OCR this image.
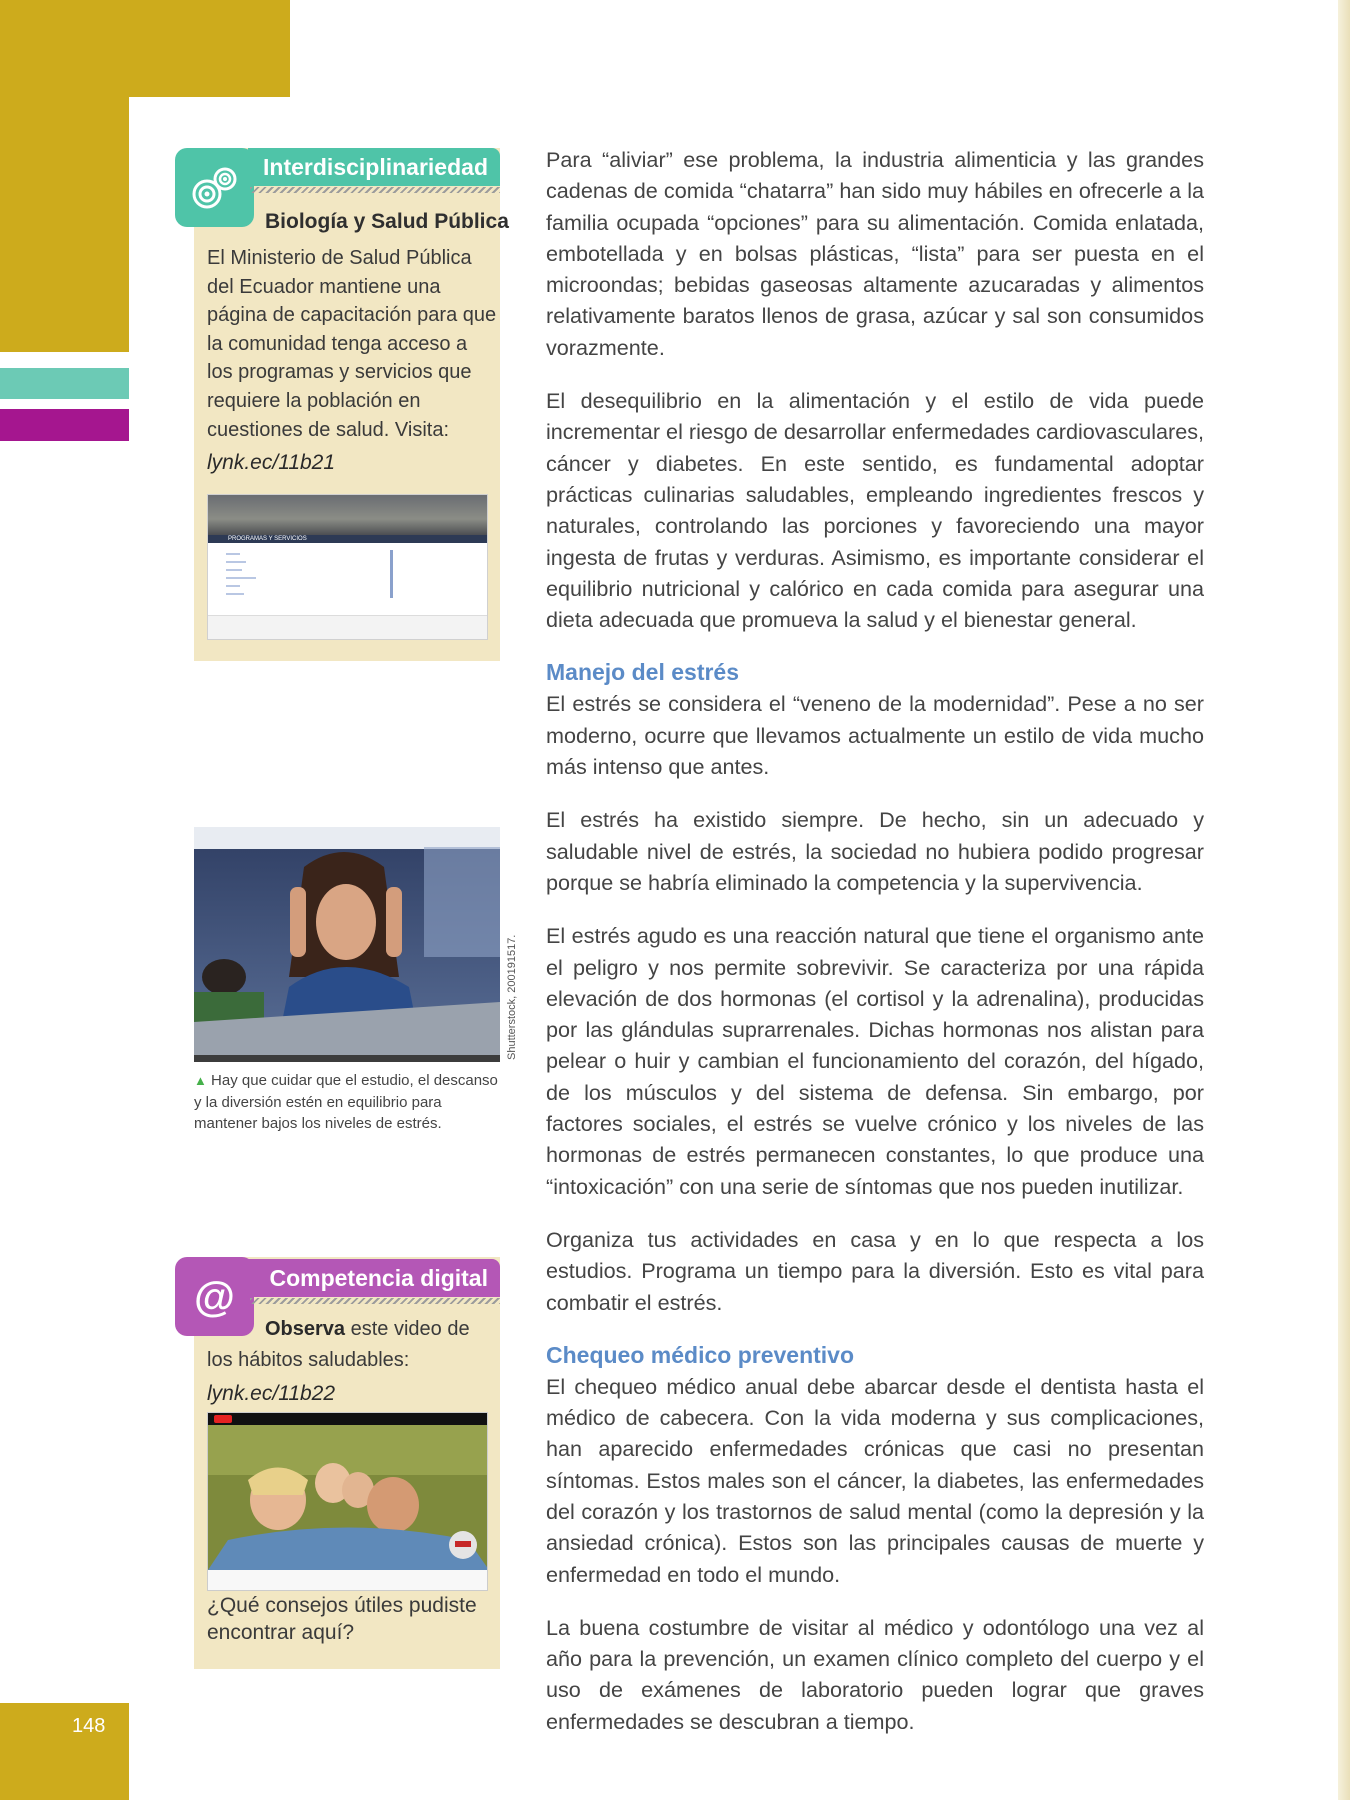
148
Interdisciplinariedad
Biología y Salud Pública
El Ministerio de Salud Pública del Ecuador mantiene una página de capacitación para que la comunidad tenga acceso a los programas y servicios que requiere la población en cuestiones de salud. Visita:
lynk.ec/11b21
PROGRAMAS Y SERVICIOS
Shutterstock, 200191517.
▲ Hay que cuidar que el estudio, el descanso y la diversión estén en equilibrio para mantener bajos los niveles de estrés.
@	Competencia digital
Observa este video de
los hábitos saludables:
lynk.ec/11b22
¿Qué consejos útiles pudiste encontrar aquí?

Para “aliviar” ese problema, la industria alimenticia y las grandes cadenas de comida “chatarra” han sido muy hábiles en ofrecerle a la familia ocupada “opciones” para su alimentación. Comida enlatada, embotellada y en bolsas plásticas, “lista” para ser puesta en el microondas; bebidas gaseosas altamente azucaradas y alimentos relativamente baratos llenos de grasa, azúcar y sal son consumidos vorazmente.

El desequilibrio en la alimentación y el estilo de vida puede incrementar el riesgo de desarrollar enfermedades cardiovasculares, cáncer y diabetes. En este sentido, es fundamental adoptar prácticas culinarias saludables, empleando ingredientes frescos y naturales, controlando las porciones y favoreciendo una mayor ingesta de frutas y verduras. Asimismo, es importante considerar el equilibrio nutricional y calórico en cada comida para asegurar una dieta adecuada que promueva la salud y el bienestar general.

Manejo del estrés

El estrés se considera el “veneno de la modernidad”. Pese a no ser moderno, ocurre que llevamos actualmente un estilo de vida mucho más intenso que antes.

El estrés ha existido siempre. De hecho, sin un adecuado y saludable nivel de estrés, la sociedad no hubiera podido progresar porque se habría eliminado la competencia y la supervivencia.

El estrés agudo es una reacción natural que tiene el organismo ante el peligro y nos permite sobrevivir. Se caracteriza por una rápida elevación de dos hormonas (el cortisol y la adrenalina), producidas por las glándulas suprarrenales. Dichas hormonas nos alistan para pelear o huir y cambian el funcionamiento del corazón, del hígado, de los músculos y del sistema de defensa. Sin embargo, por factores sociales, el estrés se vuelve crónico y los niveles de las hormonas de estrés permanecen constantes, lo que produce una “intoxicación” con una serie de síntomas que nos pueden inutilizar.

Organiza tus actividades en casa y en lo que respecta a los estudios. Programa un tiempo para la diversión. Esto es vital para combatir el estrés.

Chequeo médico preventivo

El chequeo médico anual debe abarcar desde el dentista hasta el médico de cabecera. Con la vida moderna y sus complicaciones, han aparecido enfermedades crónicas que casi no presentan síntomas. Estos males son el cáncer, la diabetes, las enfermedades del corazón y los trastornos de salud mental (como la depresión y la ansiedad crónica). Estos son las principales causas de muerte y enfermedad en todo el mundo.

La buena costumbre de visitar al médico y odontólogo una vez al año para la prevención, un examen clínico completo del cuerpo y el uso de exámenes de laboratorio pueden lograr que graves enfermedades se descubran a tiempo.
